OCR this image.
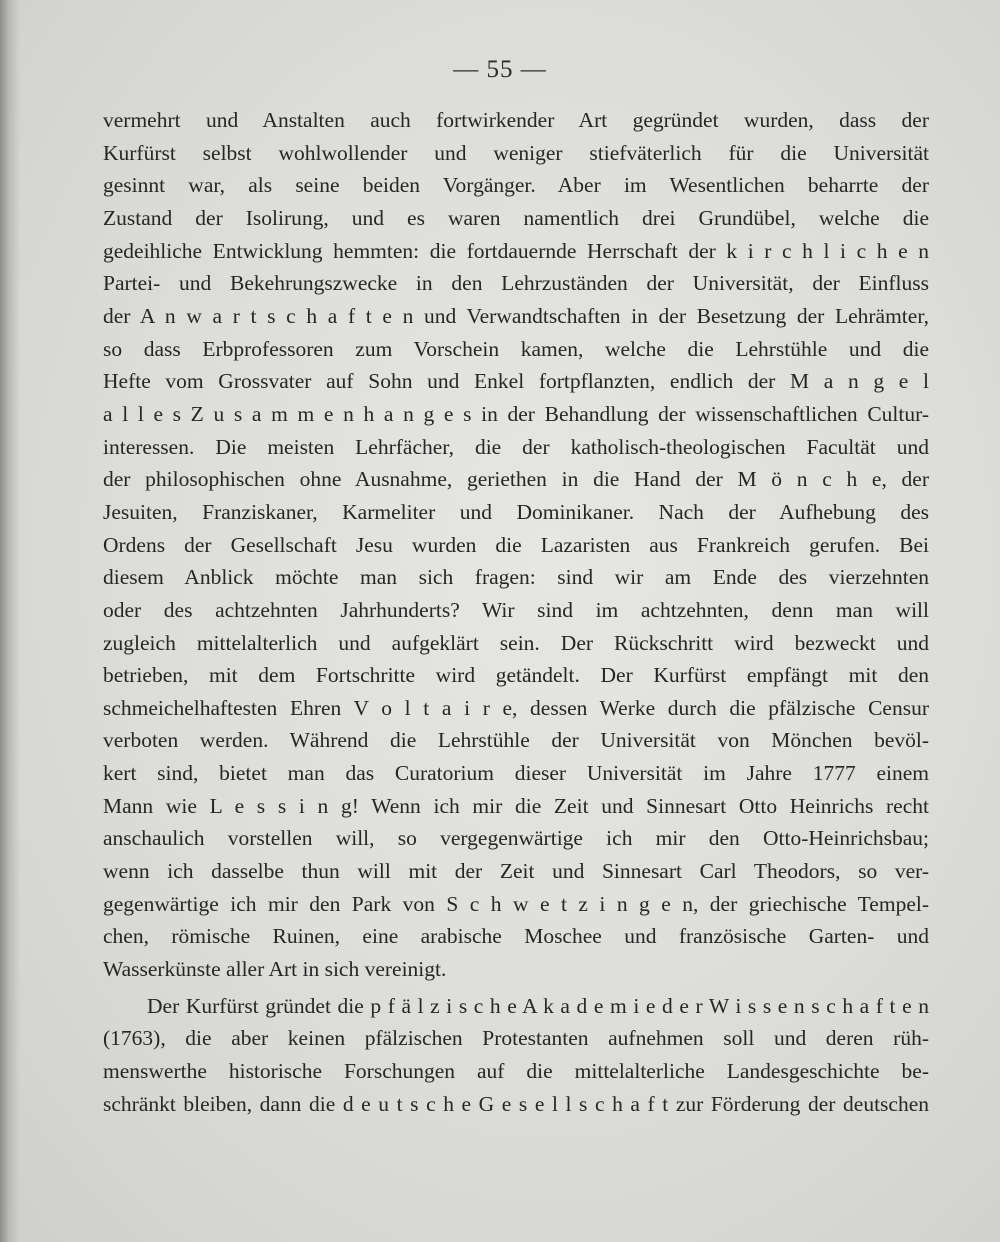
— 55 —
vermehrt und Anstalten auch fortwirkender Art gegründet wurden, dass der
Kurfürst selbst wohlwollender und weniger stiefväterlich für die Universität
gesinnt war, als seine beiden Vorgänger. Aber im Wesentlichen beharrte der
Zustand der Isolirung, und es waren namentlich drei Grundübel, welche die
gedeihliche Entwicklung hemmten: die fortdauernde Herrschaft der k i r c h l i c h e n
Partei- und Bekehrungszwecke in den Lehrzuständen der Universität, der Einfluss
der A n w a r t s c h a f t e n und Verwandtschaften in der Besetzung der Lehrämter,
so dass Erbprofessoren zum Vorschein kamen, welche die Lehrstühle und die
Hefte vom Grossvater auf Sohn und Enkel fortpflanzten, endlich der M a n g e l
a l l e s Z u s a m m e n h a n g e s in der Behandlung der wissenschaftlichen Cultur-
interessen. Die meisten Lehrfächer, die der katholisch-theologischen Facultät und
der philosophischen ohne Ausnahme, geriethen in die Hand der M ö n c h e, der
Jesuiten, Franziskaner, Karmeliter und Dominikaner. Nach der Aufhebung des
Ordens der Gesellschaft Jesu wurden die Lazaristen aus Frankreich gerufen. Bei
diesem Anblick möchte man sich fragen: sind wir am Ende des vierzehnten
oder des achtzehnten Jahrhunderts? Wir sind im achtzehnten, denn man will
zugleich mittelalterlich und aufgeklärt sein. Der Rückschritt wird bezweckt und
betrieben, mit dem Fortschritte wird getändelt. Der Kurfürst empfängt mit den
schmeichelhaftesten Ehren V o l t a i r e, dessen Werke durch die pfälzische Censur
verboten werden. Während die Lehrstühle der Universität von Mönchen bevöl-
kert sind, bietet man das Curatorium dieser Universität im Jahre 1777 einem
Mann wie L e s s i n g! Wenn ich mir die Zeit und Sinnesart Otto Heinrichs recht
anschaulich vorstellen will, so vergegenwärtige ich mir den Otto-Heinrichsbau;
wenn ich dasselbe thun will mit der Zeit und Sinnesart Carl Theodors, so ver-
gegenwärtige ich mir den Park von S c h w e t z i n g e n, der griechische Tempel-
chen, römische Ruinen, eine arabische Moschee und französische Garten- und
Wasserkünste aller Art in sich vereinigt.
Der Kurfürst gründet die p f ä l z i s c h e A k a d e m i e d e r W i s s e n s c h a f t e n
(1763), die aber keinen pfälzischen Protestanten aufnehmen soll und deren rüh-
menswerthe historische Forschungen auf die mittelalterliche Landesgeschichte be-
schränkt bleiben, dann die d e u t s c h e G e s e l l s c h a f t zur Förderung der deutschen
